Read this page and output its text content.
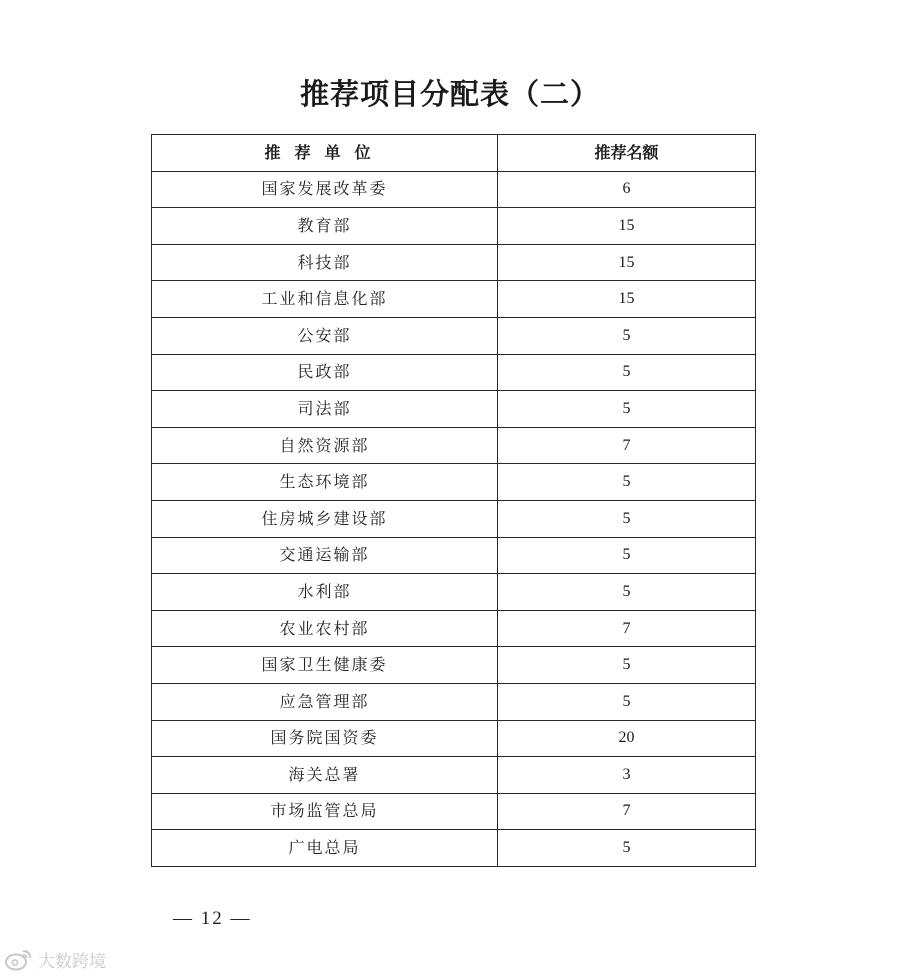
推荐项目分配表（二）
推荐单位	推荐名额
国家发展改革委	6
教育部	15
科技部	15
工业和信息化部	15
公安部	5
民政部	5
司法部	5
自然资源部	7
生态环境部	5
住房城乡建设部	5
交通运输部	5
水利部	5
农业农村部	7
国家卫生健康委	5
应急管理部	5
国务院国资委	20
海关总署	3
市场监管总局	7
广电总局	5
— 12 —
大数跨境
